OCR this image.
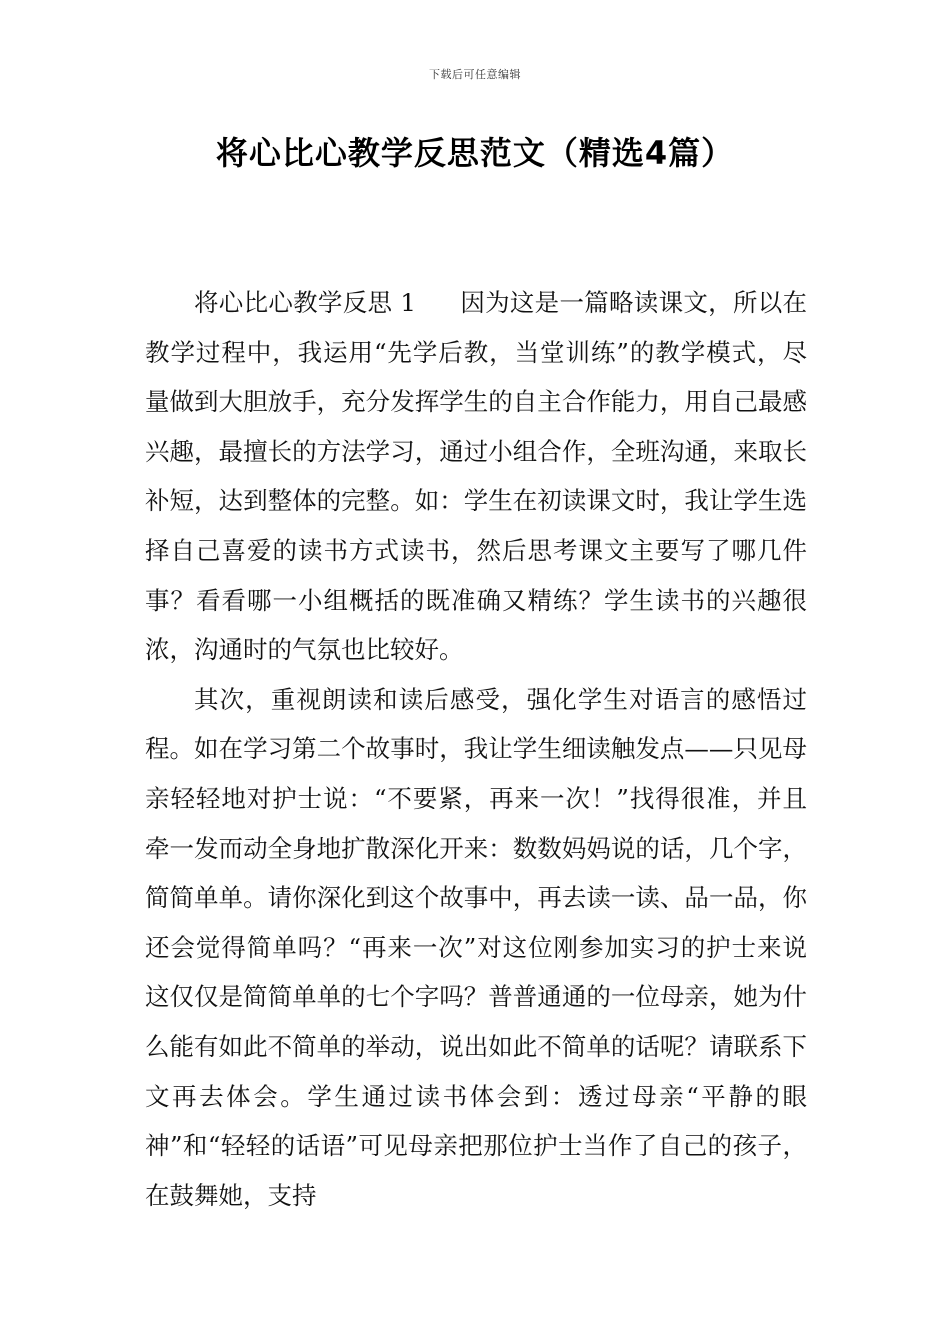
下载后可任意编辑
将心比心教学反思范文（精选4篇）

将心比心教学反思 1 因为这是一篇略读课文，所以在教学过程中，我运用“先学后教，当堂训练”的教学模式，尽量做到大胆放手，充分发挥学生的自主合作能力，用自己最感兴趣，最擅长的方法学习，通过小组合作，全班沟通，来取长补短，达到整体的完整。如：学生在初读课文时，我让学生选择自己喜爱的读书方式读书，然后思考课文主要写了哪几件事？看看哪一小组概括的既准确又精练？学生读书的兴趣很浓，沟通时的气氛也比较好。

其次，重视朗读和读后感受，强化学生对语言的感悟过程。如在学习第二个故事时，我让学生细读触发点——只见母亲轻轻地对护士说：“不要紧，再来一次！”找得很准，并且牵一发而动全身地扩散深化开来：数数妈妈说的话，几个字，简简单单。请你深化到这个故事中，再去读一读、品一品，你还会觉得简单吗？“再来一次”对这位刚参加实习的护士来说这仅仅是简简单单的七个字吗？普普通通的一位母亲，她为什么能有如此不简单的举动，说出如此不简单的话呢？请联系下文再去体会。学生通过读书体会到：透过母亲“平静的眼神”和“轻轻的话语”可见母亲把那位护士当作了自己的孩子，在鼓舞她，支持
